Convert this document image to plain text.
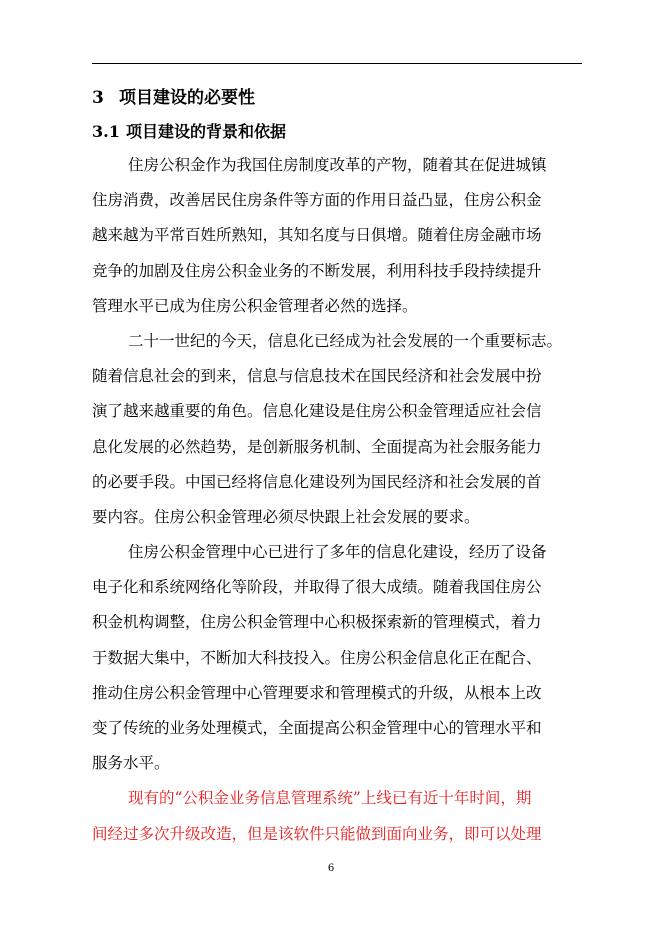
3 项目建设的必要性
3.1 项目建设的背景和依据
住房公积金作为我国住房制度改革的产物，随着其在促进城镇
住房消费，改善居民住房条件等方面的作用日益凸显，住房公积金
越来越为平常百姓所熟知，其知名度与日俱增。随着住房金融市场
竞争的加剧及住房公积金业务的不断发展，利用科技手段持续提升
管理水平已成为住房公积金管理者必然的选择。
二十一世纪的今天，信息化已经成为社会发展的一个重要标志。
随着信息社会的到来，信息与信息技术在国民经济和社会发展中扮
演了越来越重要的角色。信息化建设是住房公积金管理适应社会信
息化发展的必然趋势，是创新服务机制、全面提高为社会服务能力
的必要手段。中国已经将信息化建设列为国民经济和社会发展的首
要内容。住房公积金管理必须尽快跟上社会发展的要求。
住房公积金管理中心已进行了多年的信息化建设，经历了设备
电子化和系统网络化等阶段，并取得了很大成绩。随着我国住房公
积金机构调整，住房公积金管理中心积极探索新的管理模式，着力
于数据大集中，不断加大科技投入。住房公积金信息化正在配合、
推动住房公积金管理中心管理要求和管理模式的升级，从根本上改
变了传统的业务处理模式，全面提高公积金管理中心的管理水平和
服务水平。
现有的“公积金业务信息管理系统”上线已有近十年时间，期
间经过多次升级改造，但是该软件只能做到面向业务，即可以处理
6
